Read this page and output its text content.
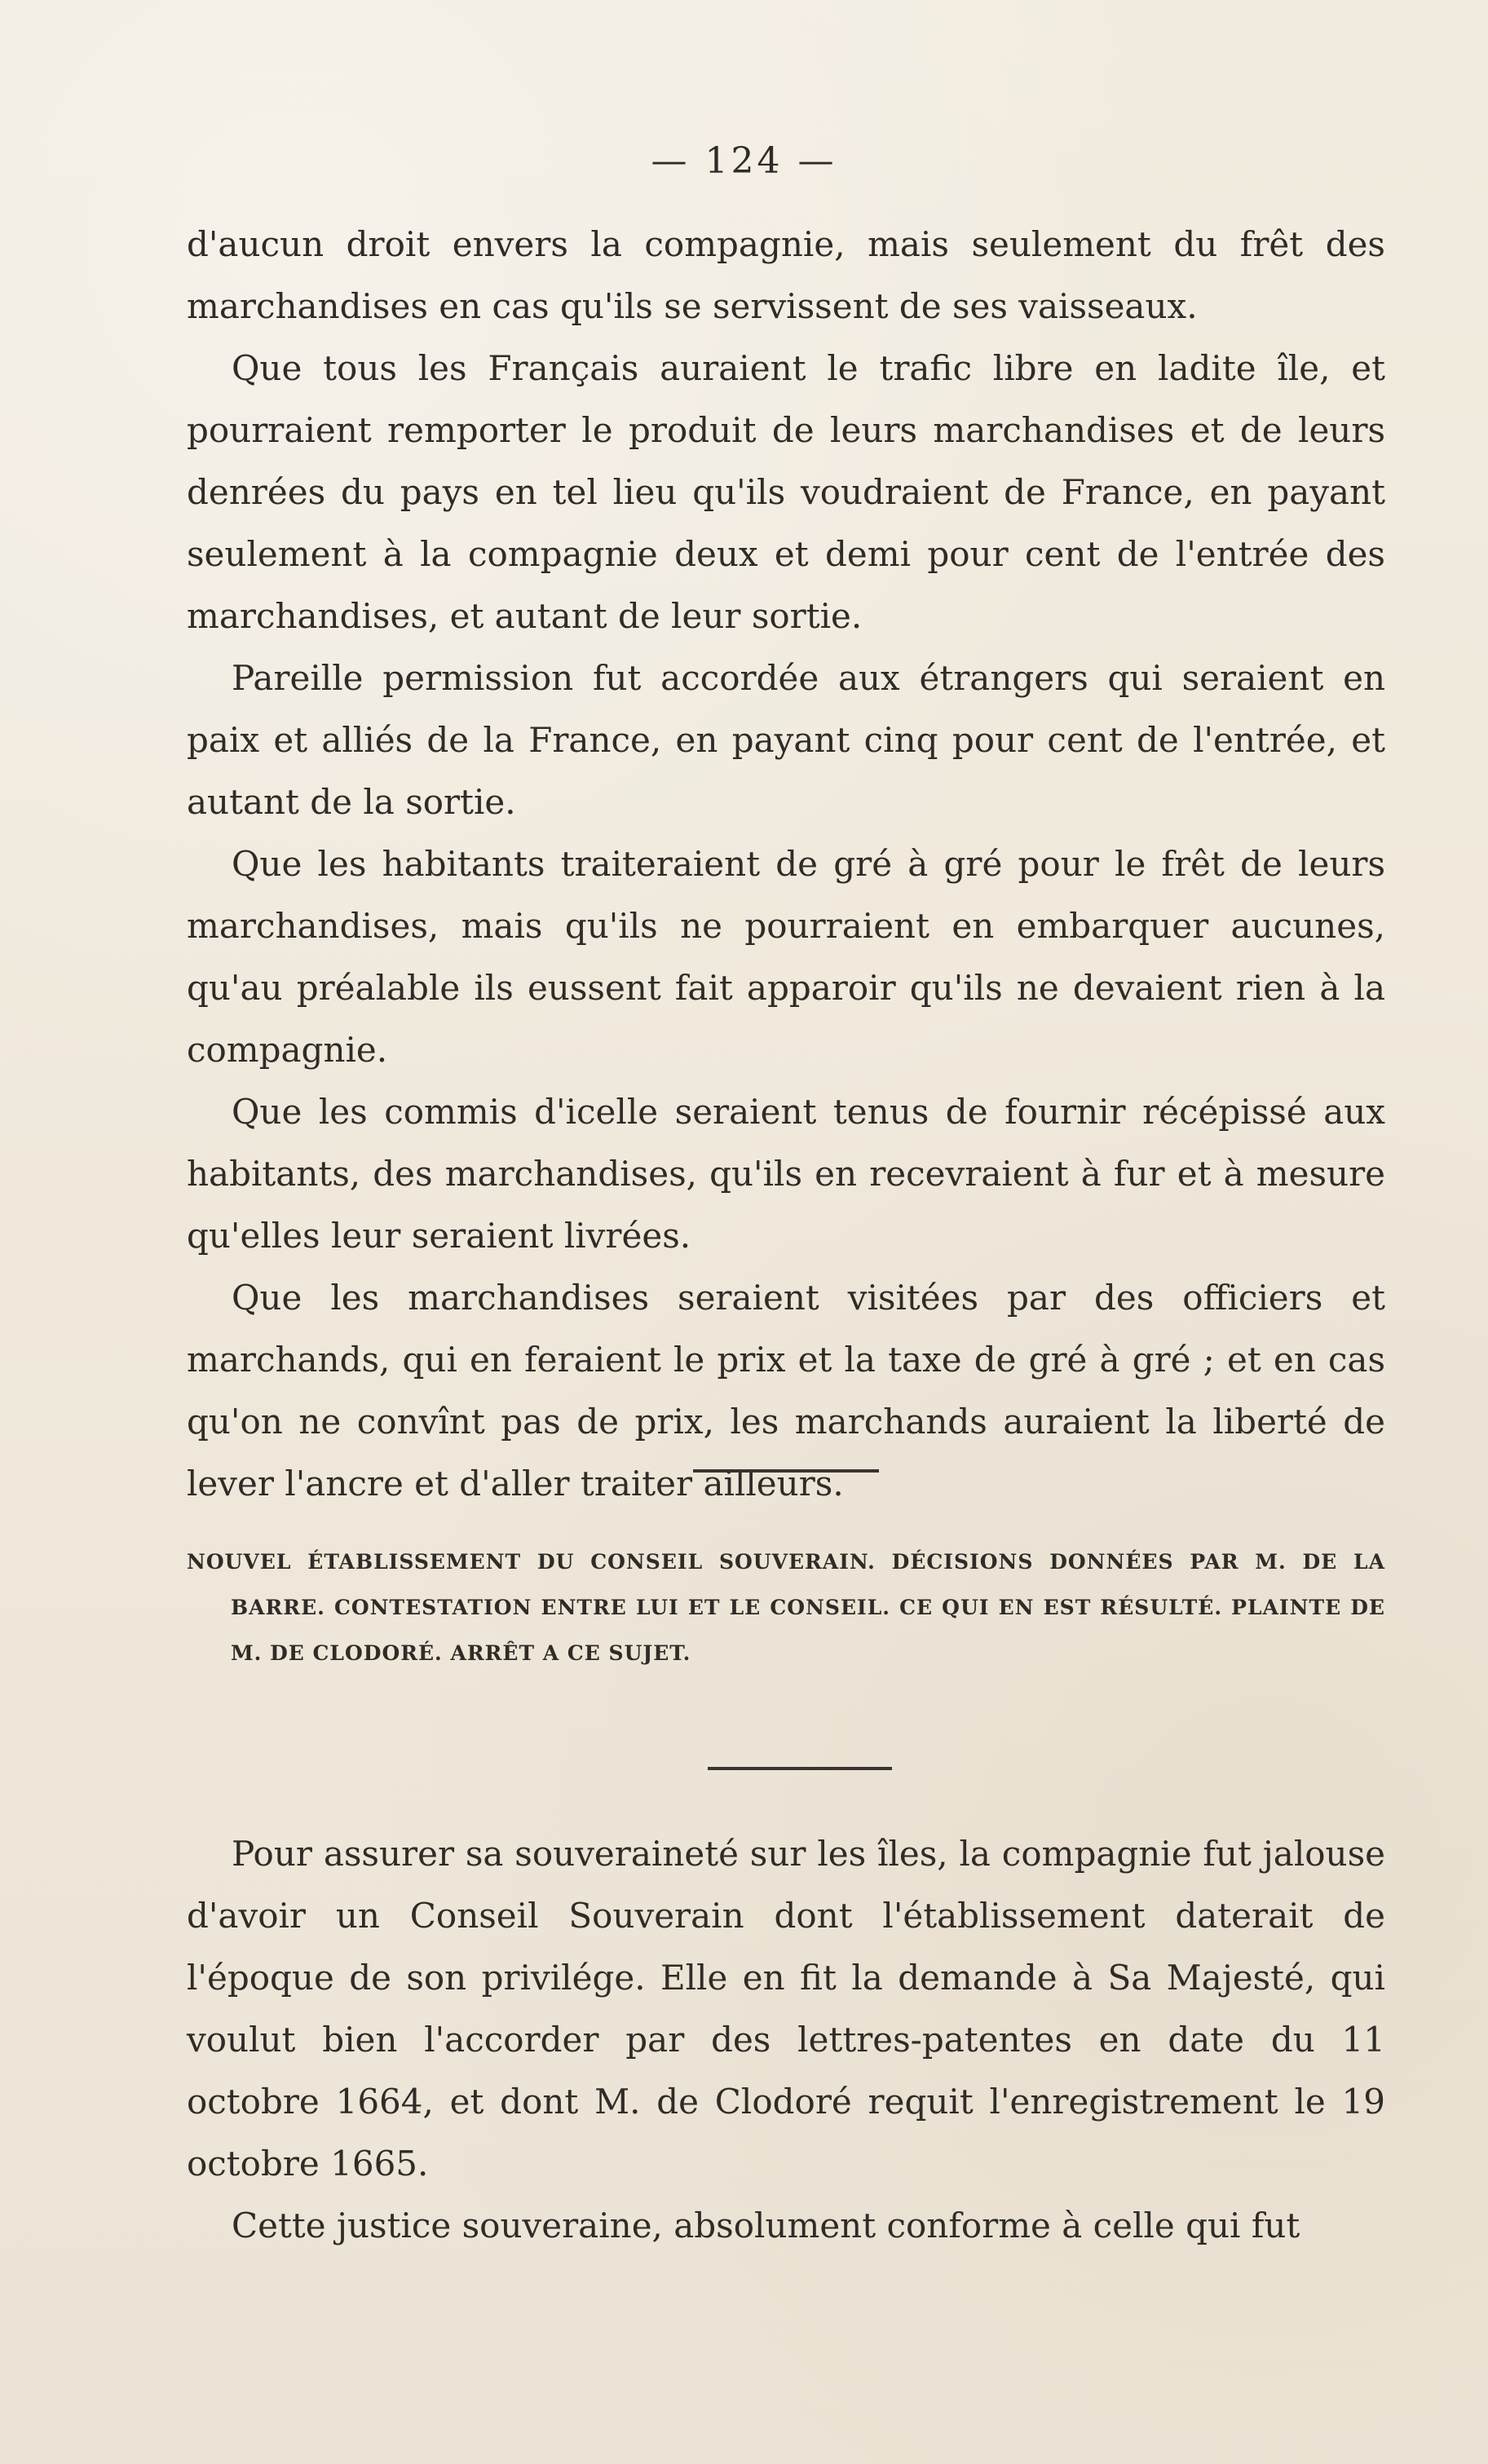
— 124 —

d'aucun droit envers la compagnie, mais seulement du frêt des marchandises en cas qu'ils se servissent de ses vaisseaux.

Que tous les Français auraient le trafic libre en ladite île, et pourraient remporter le produit de leurs marchandises et de leurs denrées du pays en tel lieu qu'ils voudraient de France, en payant seulement à la compagnie deux et demi pour cent de l'entrée des marchandises, et autant de leur sortie.

Pareille permission fut accordée aux étrangers qui seraient en paix et alliés de la France, en payant cinq pour cent de l'entrée, et autant de la sortie.

Que les habitants traiteraient de gré à gré pour le frêt de leurs marchandises, mais qu'ils ne pourraient en embarquer aucunes, qu'au préalable ils eussent fait apparoir qu'ils ne devaient rien à la compagnie.

Que les commis d'icelle seraient tenus de fournir récépissé aux habitants, des marchandises, qu'ils en recevraient à fur et à mesure qu'elles leur seraient livrées.

Que les marchandises seraient visitées par des officiers et marchands, qui en feraient le prix et la taxe de gré à gré ; et en cas qu'on ne convînt pas de prix, les marchands auraient la liberté de lever l'ancre et d'aller traiter ailleurs.

NOUVEL ÉTABLISSEMENT DU CONSEIL SOUVERAIN. DÉCISIONS DONNÉES PAR M. DE LA BARRE. CONTESTATION ENTRE LUI ET LE CONSEIL. CE QUI EN EST RÉSULTÉ. PLAINTE DE M. DE CLODORÉ. ARRÊT A CE SUJET.

Pour assurer sa souveraineté sur les îles, la compagnie fut jalouse d'avoir un Conseil Souverain dont l'établissement daterait de l'époque de son privilége. Elle en fit la demande à Sa Majesté, qui voulut bien l'accorder par des lettres-patentes en date du 11 octobre 1664, et dont M. de Clodoré requit l'enregistrement le 19 octobre 1665.

Cette justice souveraine, absolument conforme à celle qui fut
